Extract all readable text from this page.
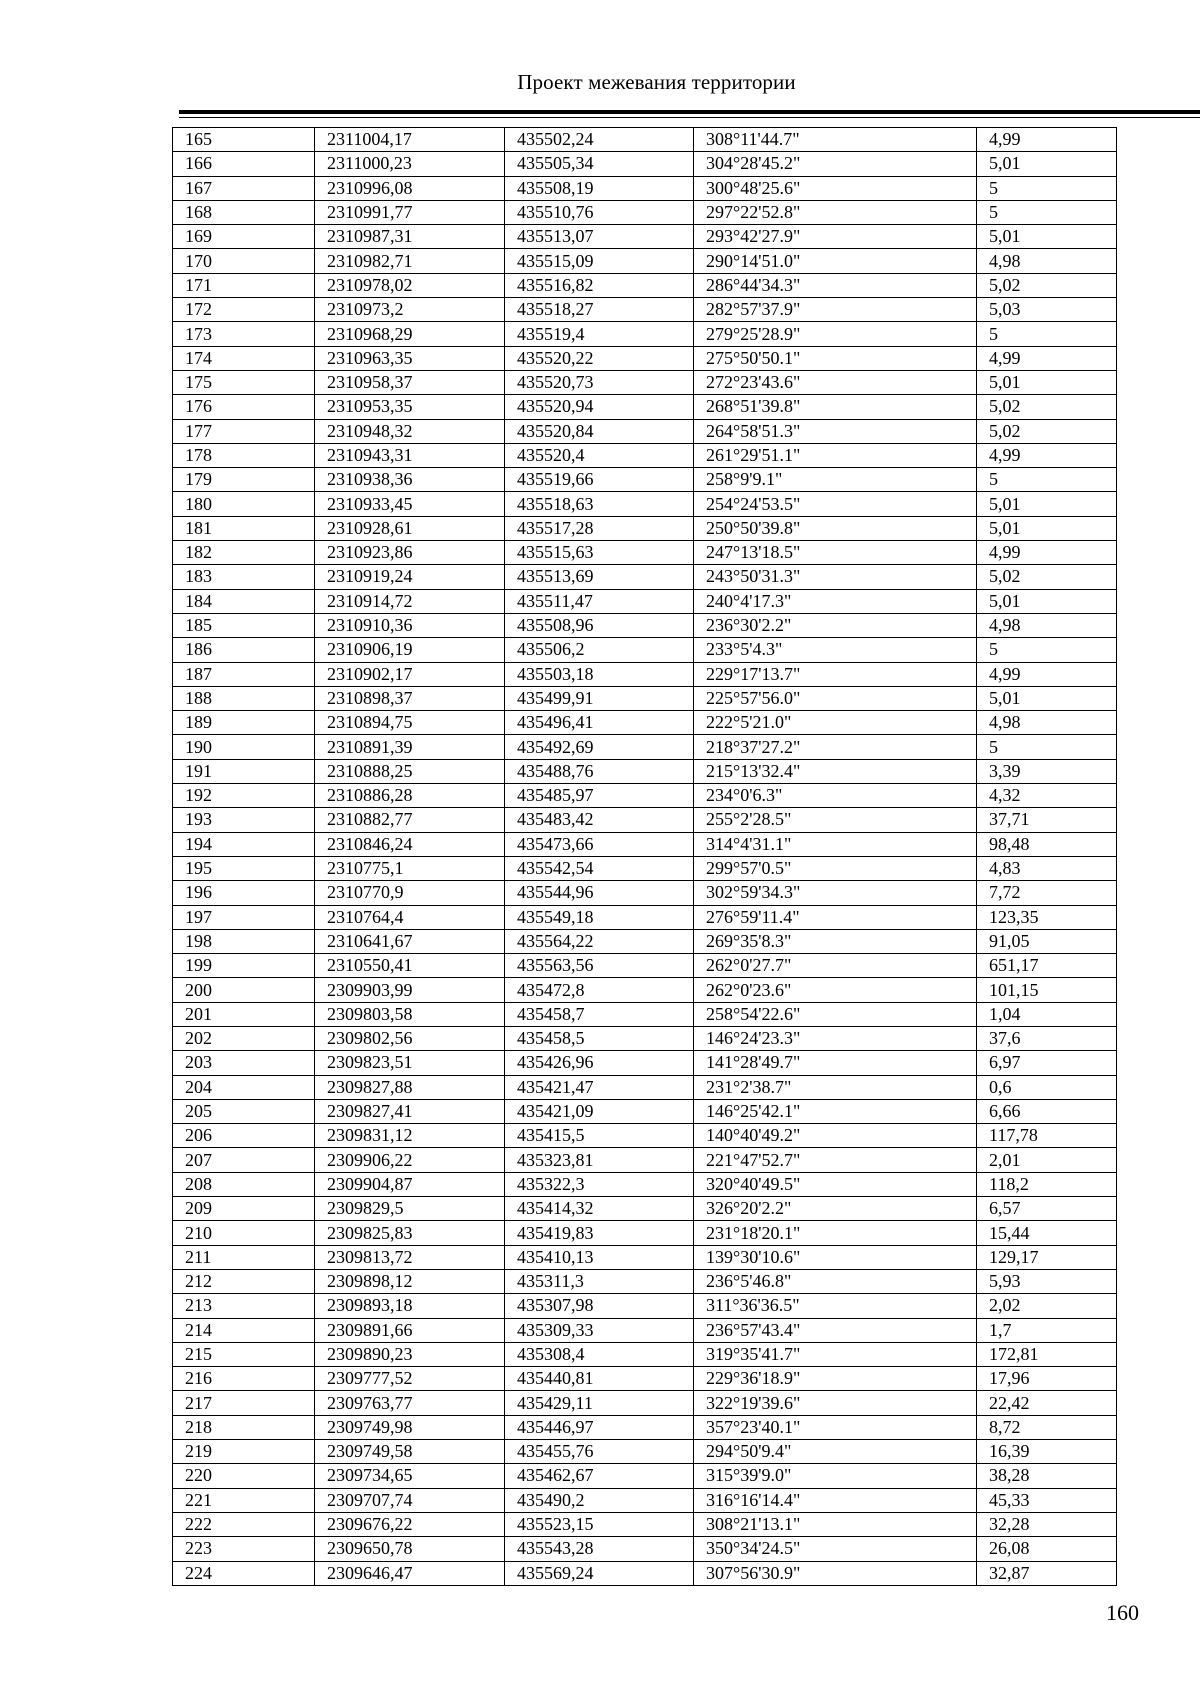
Проект межевания территории
165	2311004,17	435502,24	308°11'44.7"	4,99
166	2311000,23	435505,34	304°28'45.2"	5,01
167	2310996,08	435508,19	300°48'25.6"	5
168	2310991,77	435510,76	297°22'52.8"	5
169	2310987,31	435513,07	293°42'27.9"	5,01
170	2310982,71	435515,09	290°14'51.0"	4,98
171	2310978,02	435516,82	286°44'34.3"	5,02
172	2310973,2	435518,27	282°57'37.9"	5,03
173	2310968,29	435519,4	279°25'28.9"	5
174	2310963,35	435520,22	275°50'50.1"	4,99
175	2310958,37	435520,73	272°23'43.6"	5,01
176	2310953,35	435520,94	268°51'39.8"	5,02
177	2310948,32	435520,84	264°58'51.3"	5,02
178	2310943,31	435520,4	261°29'51.1"	4,99
179	2310938,36	435519,66	258°9'9.1"	5
180	2310933,45	435518,63	254°24'53.5"	5,01
181	2310928,61	435517,28	250°50'39.8"	5,01
182	2310923,86	435515,63	247°13'18.5"	4,99
183	2310919,24	435513,69	243°50'31.3"	5,02
184	2310914,72	435511,47	240°4'17.3"	5,01
185	2310910,36	435508,96	236°30'2.2"	4,98
186	2310906,19	435506,2	233°5'4.3"	5
187	2310902,17	435503,18	229°17'13.7"	4,99
188	2310898,37	435499,91	225°57'56.0"	5,01
189	2310894,75	435496,41	222°5'21.0"	4,98
190	2310891,39	435492,69	218°37'27.2"	5
191	2310888,25	435488,76	215°13'32.4"	3,39
192	2310886,28	435485,97	234°0'6.3"	4,32
193	2310882,77	435483,42	255°2'28.5"	37,71
194	2310846,24	435473,66	314°4'31.1"	98,48
195	2310775,1	435542,54	299°57'0.5"	4,83
196	2310770,9	435544,96	302°59'34.3"	7,72
197	2310764,4	435549,18	276°59'11.4"	123,35
198	2310641,67	435564,22	269°35'8.3"	91,05
199	2310550,41	435563,56	262°0'27.7"	651,17
200	2309903,99	435472,8	262°0'23.6"	101,15
201	2309803,58	435458,7	258°54'22.6"	1,04
202	2309802,56	435458,5	146°24'23.3"	37,6
203	2309823,51	435426,96	141°28'49.7"	6,97
204	2309827,88	435421,47	231°2'38.7"	0,6
205	2309827,41	435421,09	146°25'42.1"	6,66
206	2309831,12	435415,5	140°40'49.2"	117,78
207	2309906,22	435323,81	221°47'52.7"	2,01
208	2309904,87	435322,3	320°40'49.5"	118,2
209	2309829,5	435414,32	326°20'2.2"	6,57
210	2309825,83	435419,83	231°18'20.1"	15,44
211	2309813,72	435410,13	139°30'10.6"	129,17
212	2309898,12	435311,3	236°5'46.8"	5,93
213	2309893,18	435307,98	311°36'36.5"	2,02
214	2309891,66	435309,33	236°57'43.4"	1,7
215	2309890,23	435308,4	319°35'41.7"	172,81
216	2309777,52	435440,81	229°36'18.9"	17,96
217	2309763,77	435429,11	322°19'39.6"	22,42
218	2309749,98	435446,97	357°23'40.1"	8,72
219	2309749,58	435455,76	294°50'9.4"	16,39
220	2309734,65	435462,67	315°39'9.0"	38,28
221	2309707,74	435490,2	316°16'14.4"	45,33
222	2309676,22	435523,15	308°21'13.1"	32,28
223	2309650,78	435543,28	350°34'24.5"	26,08
224	2309646,47	435569,24	307°56'30.9"	32,87
160
